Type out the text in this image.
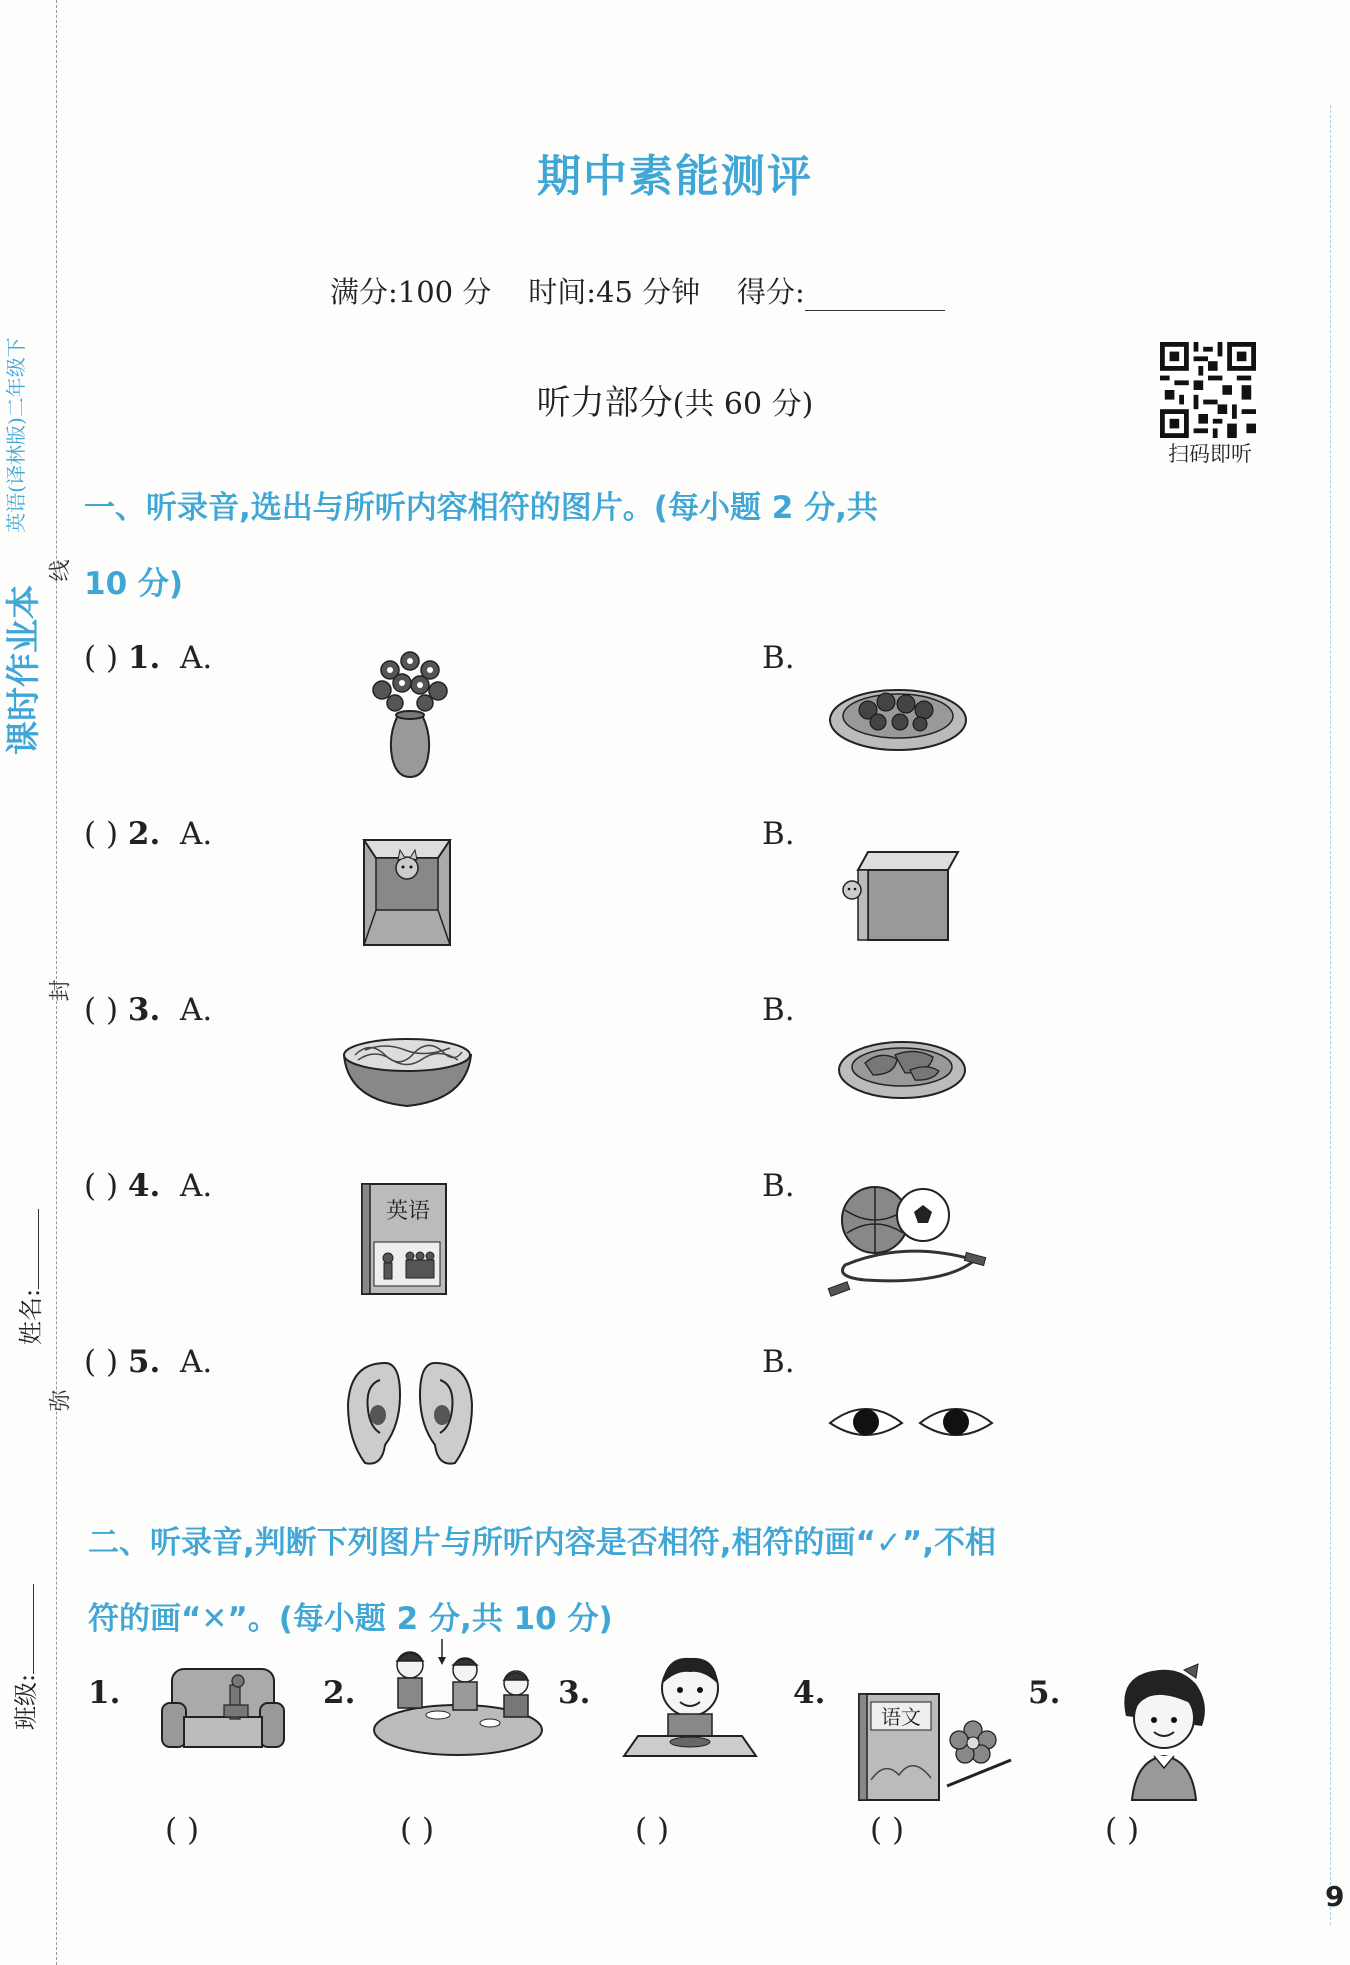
课时作业本
英语(译林版)二年级下
线
封
弥
姓名:
班级:
期中素能测评
满分:100 分 时间:45 分钟 得分:
听力部分(共 60 分)
扫码即听
一、听录音,选出与所听内容相符的图片。(每小题 2 分,共
10 分)
( ) 1. A.	B.
( ) 2. A.	B.
( ) 3. A.	B.
( ) 4. A.	B.
( ) 5. A.	B.
英语
二、听录音,判断下列图片与所听内容是否相符,相符的画“✓”,不相
符的画“✕”。(每小题 2 分,共 10 分)
1.	2.	3.	4.	5.
语文
( )	( )	( )	( )	( )
9
